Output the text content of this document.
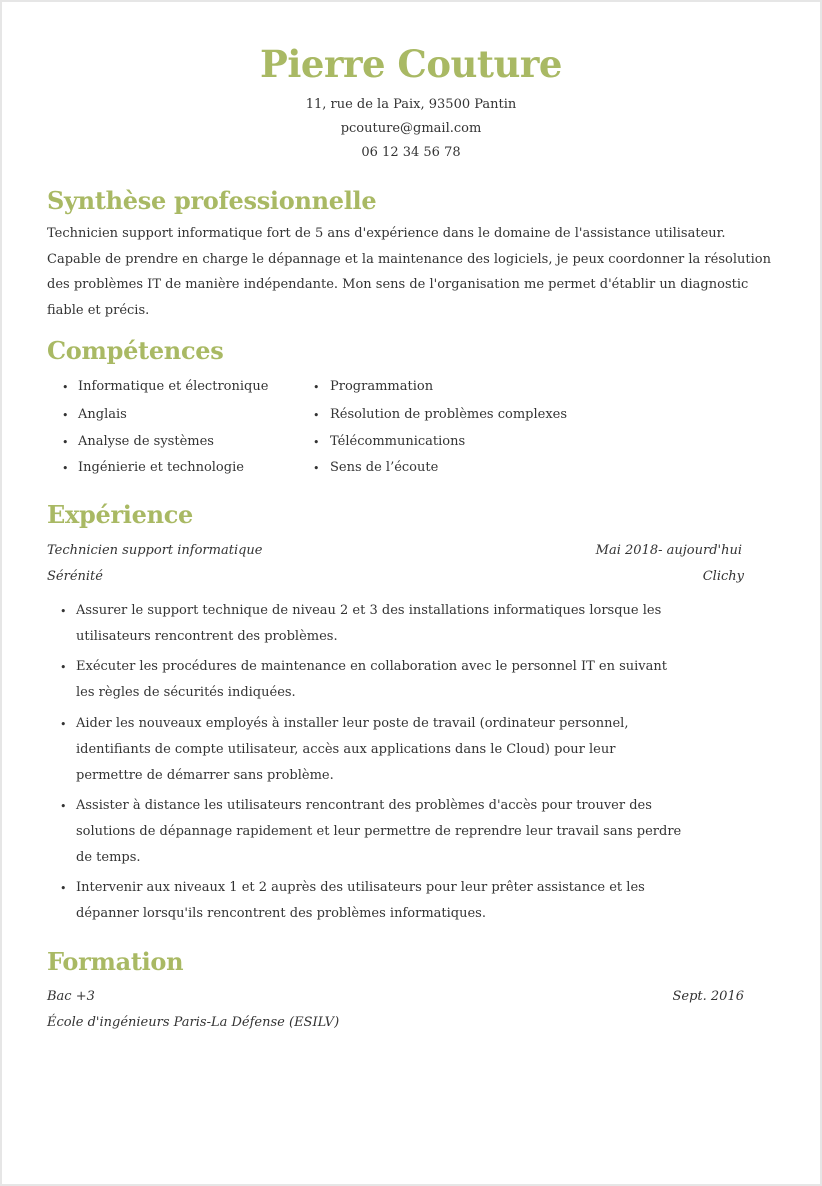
Pierre Couture
11, rue de la Paix, 93500 Pantin
pcouture@gmail.com
06 12 34 56 78
Synthèse professionnelle
Technicien support informatique fort de 5 ans d'expérience dans le domaine de l'assistance utilisateur.
Capable de prendre en charge le dépannage et la maintenance des logiciels, je peux coordonner la résolution
des problèmes IT de manière indépendante. Mon sens de l'organisation me permet d'établir un diagnostic
fiable et précis.
Compétences
• Informatique et électronique
• Anglais
• Analyse de systèmes
• Ingénierie et technologie
• Programmation
• Résolution de problèmes complexes
• Télécommunications
• Sens de l’écoute
Expérience
Technicien support informatique	Mai 2018- aujourd'hui
Sérénité	Clichy
• Assurer le support technique de niveau 2 et 3 des installations informatiques lorsque les
utilisateurs rencontrent des problèmes.
• Exécuter les procédures de maintenance en collaboration avec le personnel IT en suivant
les règles de sécurités indiquées.
• Aider les nouveaux employés à installer leur poste de travail (ordinateur personnel,
identifiants de compte utilisateur, accès aux applications dans le Cloud) pour leur
permettre de démarrer sans problème.
• Assister à distance les utilisateurs rencontrant des problèmes d'accès pour trouver des
solutions de dépannage rapidement et leur permettre de reprendre leur travail sans perdre
de temps.
• Intervenir aux niveaux 1 et 2 auprès des utilisateurs pour leur prêter assistance et les
dépanner lorsqu'ils rencontrent des problèmes informatiques.
Formation
Bac +3	Sept. 2016
École d'ingénieurs Paris-La Défense (ESILV)
